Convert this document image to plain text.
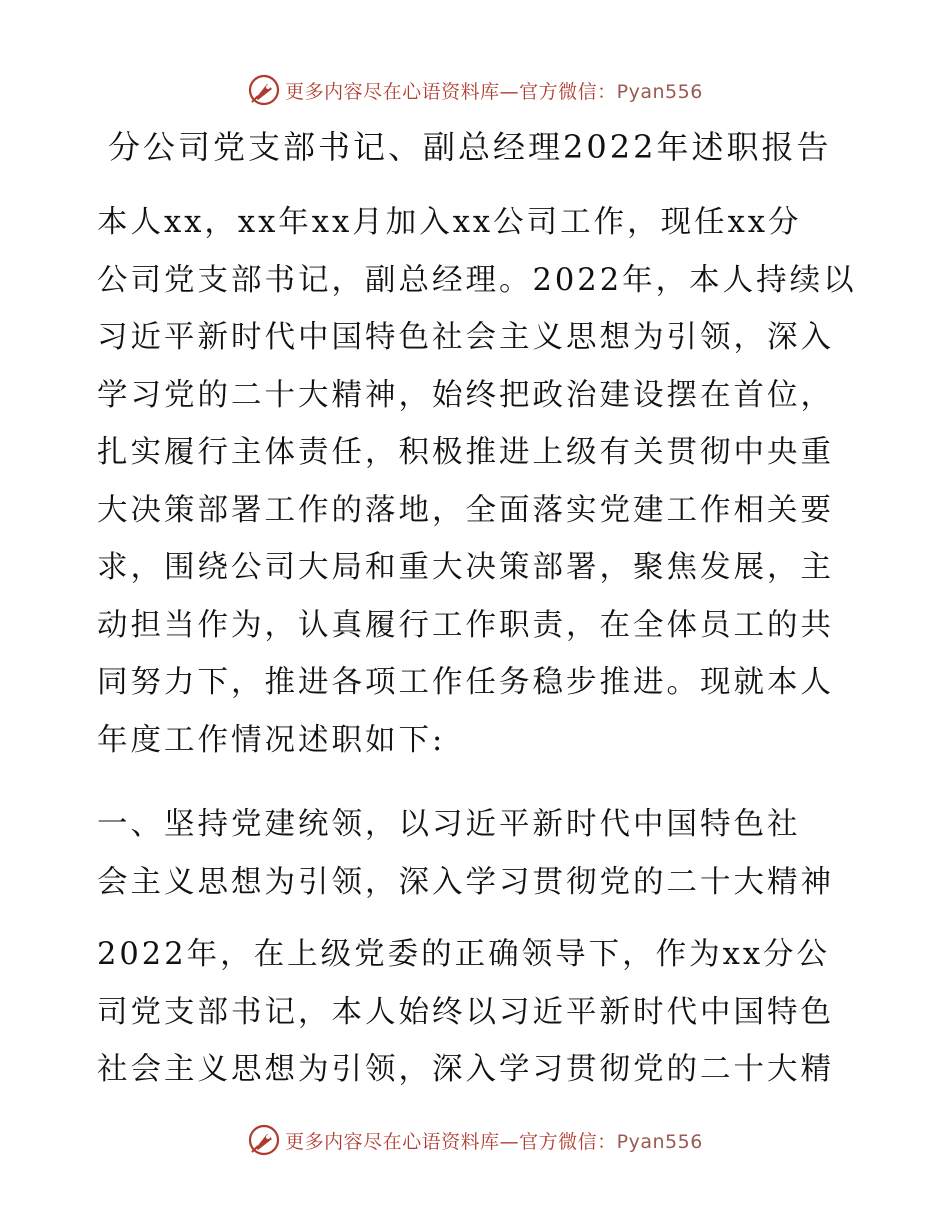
更多内容尽在心语资料库—官方微信：Pyan556
分公司党支部书记、副总经理2022年述职报告

本人xx，xx年xx月加入xx公司工作，现任xx分
公司党支部书记，副总经理。2022年，本人持续以
习近平新时代中国特色社会主义思想为引领，深入
学习党的二十大精神，始终把政治建设摆在首位，
扎实履行主体责任，积极推进上级有关贯彻中央重
大决策部署工作的落地，全面落实党建工作相关要
求，围绕公司大局和重大决策部署，聚焦发展，主
动担当作为，认真履行工作职责，在全体员工的共
同努力下，推进各项工作任务稳步推进。现就本人
年度工作情况述职如下:

一、坚持党建统领，以习近平新时代中国特色社
会主义思想为引领，深入学习贯彻党的二十大精神

2022年，在上级党委的正确领导下，作为xx分公
司党支部书记，本人始终以习近平新时代中国特色
社会主义思想为引领，深入学习贯彻党的二十大精

更多内容尽在心语资料库—官方微信：Pyan556
